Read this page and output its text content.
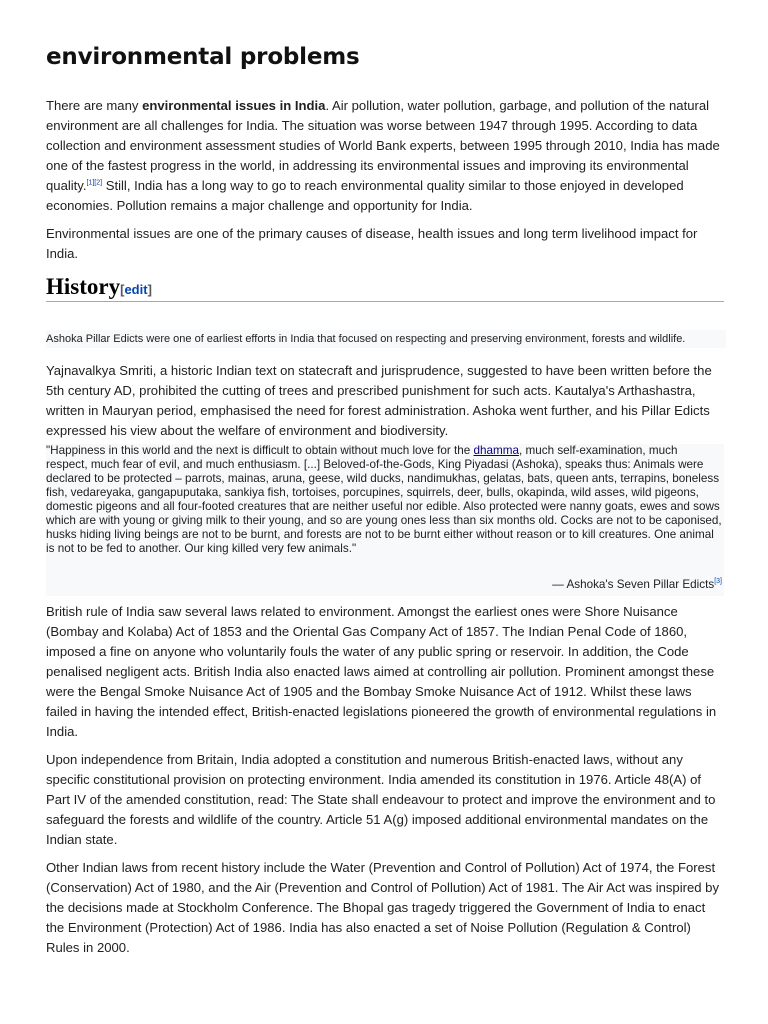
environmental problems

There are many environmental issues in India. Air pollution, water pollution, garbage, and pollution of the natural environment are all challenges for India. The situation was worse between 1947 through 1995. According to data collection and environment assessment studies of World Bank experts, between 1995 through 2010, India has made one of the fastest progress in the world, in addressing its environmental issues and improving its environmental quality.[1][2] Still, India has a long way to go to reach environmental quality similar to those enjoyed in developed economies. Pollution remains a major challenge and opportunity for India.

Environmental issues are one of the primary causes of disease, health issues and long term livelihood impact for India.

History[edit]

Ashoka Pillar Edicts were one of earliest efforts in India that focused on respecting and preserving environment, forests and wildlife.

Yajnavalkya Smriti, a historic Indian text on statecraft and jurisprudence, suggested to have been written before the 5th century AD, prohibited the cutting of trees and prescribed punishment for such acts. Kautalya's Arthashastra, written in Mauryan period, emphasised the need for forest administration. Ashoka went further, and his Pillar Edicts expressed his view about the welfare of environment and biodiversity.

"Happiness in this world and the next is difficult to obtain without much love for the dhamma, much self-examination, much respect, much fear of evil, and much enthusiasm. [...] Beloved-of-the-Gods, King Piyadasi (Ashoka), speaks thus: Animals were declared to be protected – parrots, mainas, aruna, geese, wild ducks, nandimukhas, gelatas, bats, queen ants, terrapins, boneless fish, vedareyaka, gangapuputaka, sankiya fish, tortoises, porcupines, squirrels, deer, bulls, okapinda, wild asses, wild pigeons, domestic pigeons and all four-footed creatures that are neither useful nor edible. Also protected were nanny goats, ewes and sows which are with young or giving milk to their young, and so are young ones less than six months old. Cocks are not to be caponised, husks hiding living beings are not to be burnt, and forests are not to be burnt either without reason or to kill creatures. One animal is not to be fed to another. Our king killed very few animals."

— Ashoka's Seven Pillar Edicts[3]

British rule of India saw several laws related to environment. Amongst the earliest ones were Shore Nuisance (Bombay and Kolaba) Act of 1853 and the Oriental Gas Company Act of 1857. The Indian Penal Code of 1860, imposed a fine on anyone who voluntarily fouls the water of any public spring or reservoir. In addition, the Code penalised negligent acts. British India also enacted laws aimed at controlling air pollution. Prominent amongst these were the Bengal Smoke Nuisance Act of 1905 and the Bombay Smoke Nuisance Act of 1912. Whilst these laws failed in having the intended effect, British-enacted legislations pioneered the growth of environmental regulations in India.

Upon independence from Britain, India adopted a constitution and numerous British-enacted laws, without any specific constitutional provision on protecting environment. India amended its constitution in 1976. Article 48(A) of Part IV of the amended constitution, read: The State shall endeavour to protect and improve the environment and to safeguard the forests and wildlife of the country. Article 51 A(g) imposed additional environmental mandates on the Indian state.

Other Indian laws from recent history include the Water (Prevention and Control of Pollution) Act of 1974, the Forest (Conservation) Act of 1980, and the Air (Prevention and Control of Pollution) Act of 1981. The Air Act was inspired by the decisions made at Stockholm Conference. The Bhopal gas tragedy triggered the Government of India to enact the Environment (Protection) Act of 1986. India has also enacted a set of Noise Pollution (Regulation & Control) Rules in 2000.
